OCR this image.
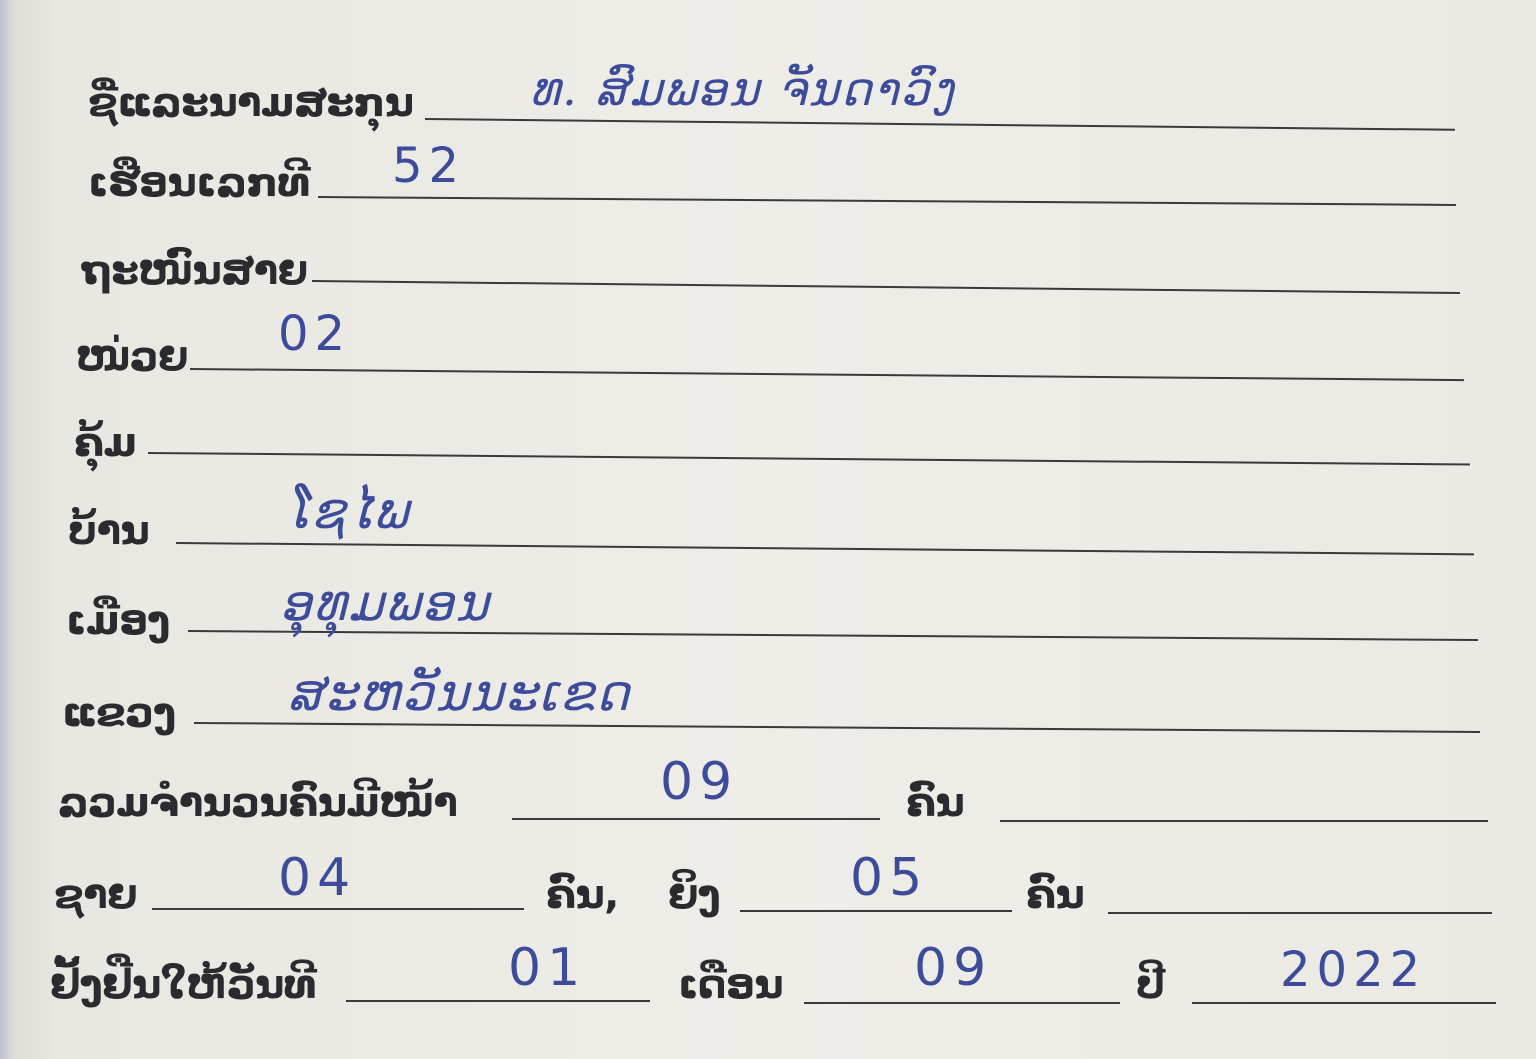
ຊື່ແລະນາມສະກຸນ	ທ. ສົມພອນ ຈັນດາວົງ
ເຮືອນເລກທີ 52
ຖະໜົນສາຍ
ໜ່ວຍ 02
ຄຸ້ມ
ບ້ານ	ໂຊໄພ
ເມືອງ ອຸທຸມພອນ
ແຂວງ ສະຫວັນນະເຂດ
ລວມຈຳນວນຄົນມີໜ້າ	09	ຄົນ
ຊາຍ	04	ຄົນ, ຍິງ 05 ຄົນ
ຢັ້ງຢືນໃຫ້ວັນທີ	01 ເດືອນ	09	ປີ 2022
